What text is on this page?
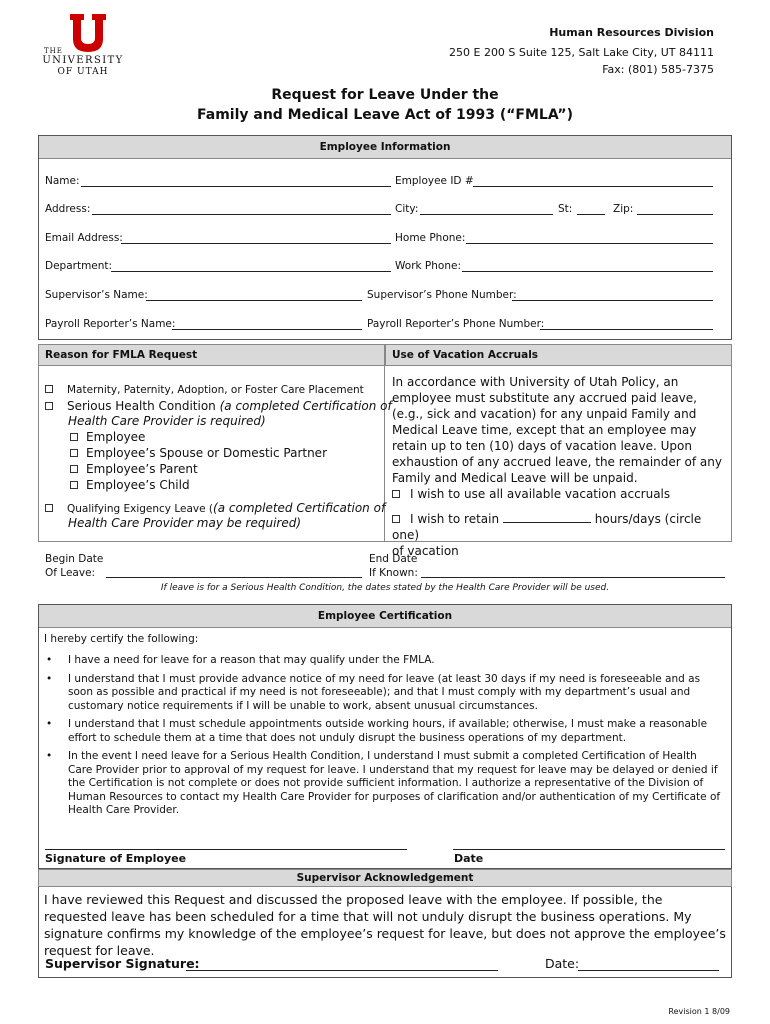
THE
UNIVERSITY
OF UTAH
Human Resources Division
250 E 200 S Suite 125, Salt Lake City, UT 84111
Fax: (801) 585-7375
Request for Leave Under the
Family and Medical Leave Act of 1993 (“FMLA”)
Employee Information
Name:	Employee ID #
Address:	City:	St:	Zip:
Email Address:	Home Phone:
Department:	Work Phone:
Supervisor’s Name:	Supervisor’s Phone Number:
Payroll Reporter’s Name:	Payroll Reporter’s Phone Number:
Reason for FMLA Request	Use of Vacation Accruals
Maternity, Paternity, Adoption, or Foster Care Placement
Serious Health Condition (a completed Certification of
Health Care Provider is required)
Employee
Employee’s Spouse or Domestic Partner
Employee’s Parent
Employee’s Child
Qualifying Exigency Leave ((a completed Certification of
Health Care Provider may be required)
In accordance with University of Utah Policy, an employee must substitute any accrued paid leave, (e.g., sick and vacation) for any unpaid Family and Medical Leave time, except that an employee may retain up to ten (10) days of vacation leave. Upon exhaustion of any accrued leave, the remainder of any Family and Medical Leave will be unpaid.
I wish to use all available vacation accruals
I wish to retain	hours/days (circle one)
of vacation
Begin Date
Of Leave:
End Date
If Known:
If leave is for a Serious Health Condition, the dates stated by the Health Care Provider will be used.
Employee Certification
I hereby certify the following:
• I have a need for leave for a reason that may qualify under the FMLA.
• I understand that I must provide advance notice of my need for leave (at least 30 days if my need is foreseeable and as soon as possible and practical if my need is not foreseeable); and that I must comply with my department’s usual and customary notice requirements if I will be unable to work, absent unusual circumstances.
• I understand that I must schedule appointments outside working hours, if available; otherwise, I must make a reasonable effort to schedule them at a time that does not unduly disrupt the business operations of my department.
• In the event I need leave for a Serious Health Condition, I understand I must submit a completed Certification of Health Care Provider prior to approval of my request for leave. I understand that my request for leave may be delayed or denied if the Certification is not complete or does not provide sufficient information. I authorize a representative of the Division of Human Resources to contact my Health Care Provider for purposes of clarification and/or authentication of my Certificate of Health Care Provider.
Signature of Employee	Date
Supervisor Acknowledgement
I have reviewed this Request and discussed the proposed leave with the employee. If possible, the requested leave has been scheduled for a time that will not unduly disrupt the business operations. My signature confirms my knowledge of the employee’s request for leave, but does not approve the employee’s request for leave.
Supervisor Signature:	Date:
Revision 1 8/09
